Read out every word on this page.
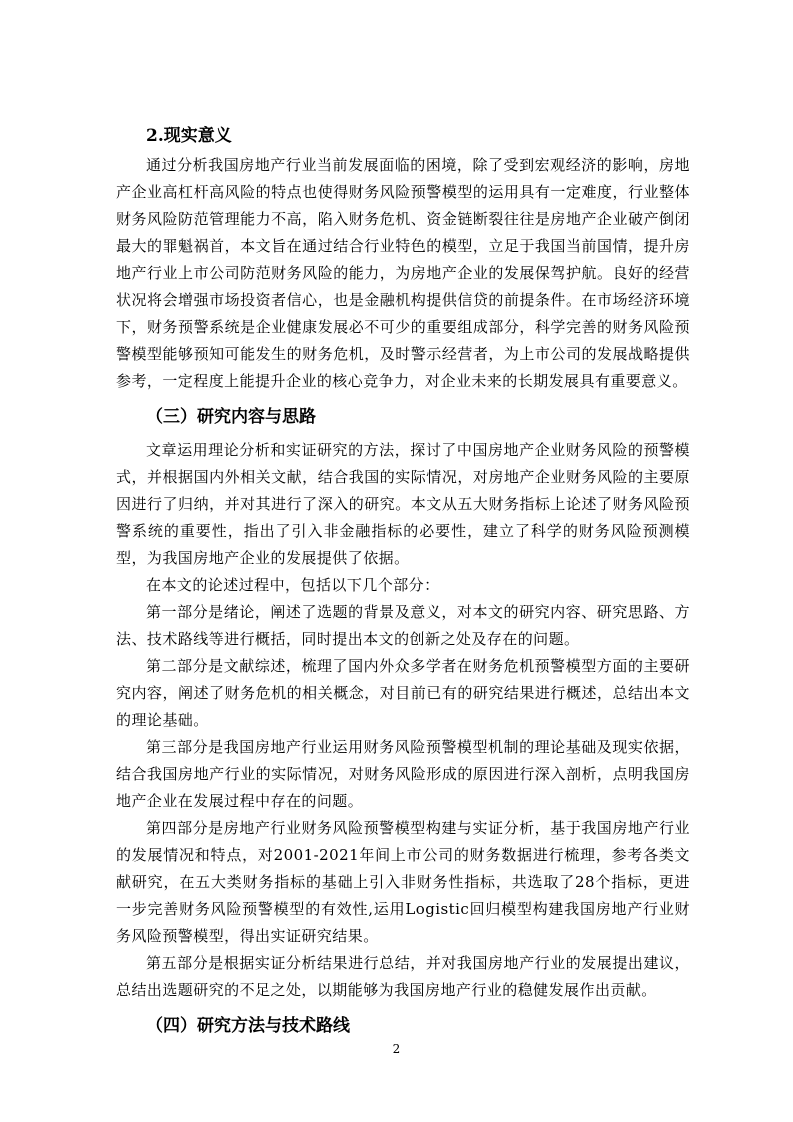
2.现实意义

通过分析我国房地产行业当前发展面临的困境，除了受到宏观经济的影响，房地产企业高杠杆高风险的特点也使得财务风险预警模型的运用具有一定难度，行业整体财务风险防范管理能力不高，陷入财务危机、资金链断裂往往是房地产企业破产倒闭最大的罪魁祸首，本文旨在通过结合行业特色的模型，立足于我国当前国情，提升房地产行业上市公司防范财务风险的能力，为房地产企业的发展保驾护航。良好的经营状况将会增强市场投资者信心，也是金融机构提供信贷的前提条件。在市场经济环境下，财务预警系统是企业健康发展必不可少的重要组成部分，科学完善的财务风险预警模型能够预知可能发生的财务危机，及时警示经营者，为上市公司的发展战略提供参考，一定程度上能提升企业的核心竞争力，对企业未来的长期发展具有重要意义。

（三）研究内容与思路

文章运用理论分析和实证研究的方法，探讨了中国房地产企业财务风险的预警模式，并根据国内外相关文献，结合我国的实际情况，对房地产企业财务风险的主要原因进行了归纳，并对其进行了深入的研究。本文从五大财务指标上论述了财务风险预警系统的重要性，指出了引入非金融指标的必要性，建立了科学的财务风险预测模型，为我国房地产企业的发展提供了依据。

在本文的论述过程中，包括以下几个部分：

第一部分是绪论，阐述了选题的背景及意义，对本文的研究内容、研究思路、方法、技术路线等进行概括，同时提出本文的创新之处及存在的问题。

第二部分是文献综述，梳理了国内外众多学者在财务危机预警模型方面的主要研究内容，阐述了财务危机的相关概念，对目前已有的研究结果进行概述，总结出本文的理论基础。

第三部分是我国房地产行业运用财务风险预警模型机制的理论基础及现实依据，结合我国房地产行业的实际情况，对财务风险形成的原因进行深入剖析，点明我国房地产企业在发展过程中存在的问题。

第四部分是房地产行业财务风险预警模型构建与实证分析，基于我国房地产行业的发展情况和特点，对2001-2021年间上市公司的财务数据进行梳理，参考各类文献研究，在五大类财务指标的基础上引入非财务性指标，共选取了28个指标，更进一步完善财务风险预警模型的有效性,运用Logistic回归模型构建我国房地产行业财务风险预警模型，得出实证研究结果。

第五部分是根据实证分析结果进行总结，并对我国房地产行业的发展提出建议，总结出选题研究的不足之处，以期能够为我国房地产行业的稳健发展作出贡献。

（四）研究方法与技术路线
2
